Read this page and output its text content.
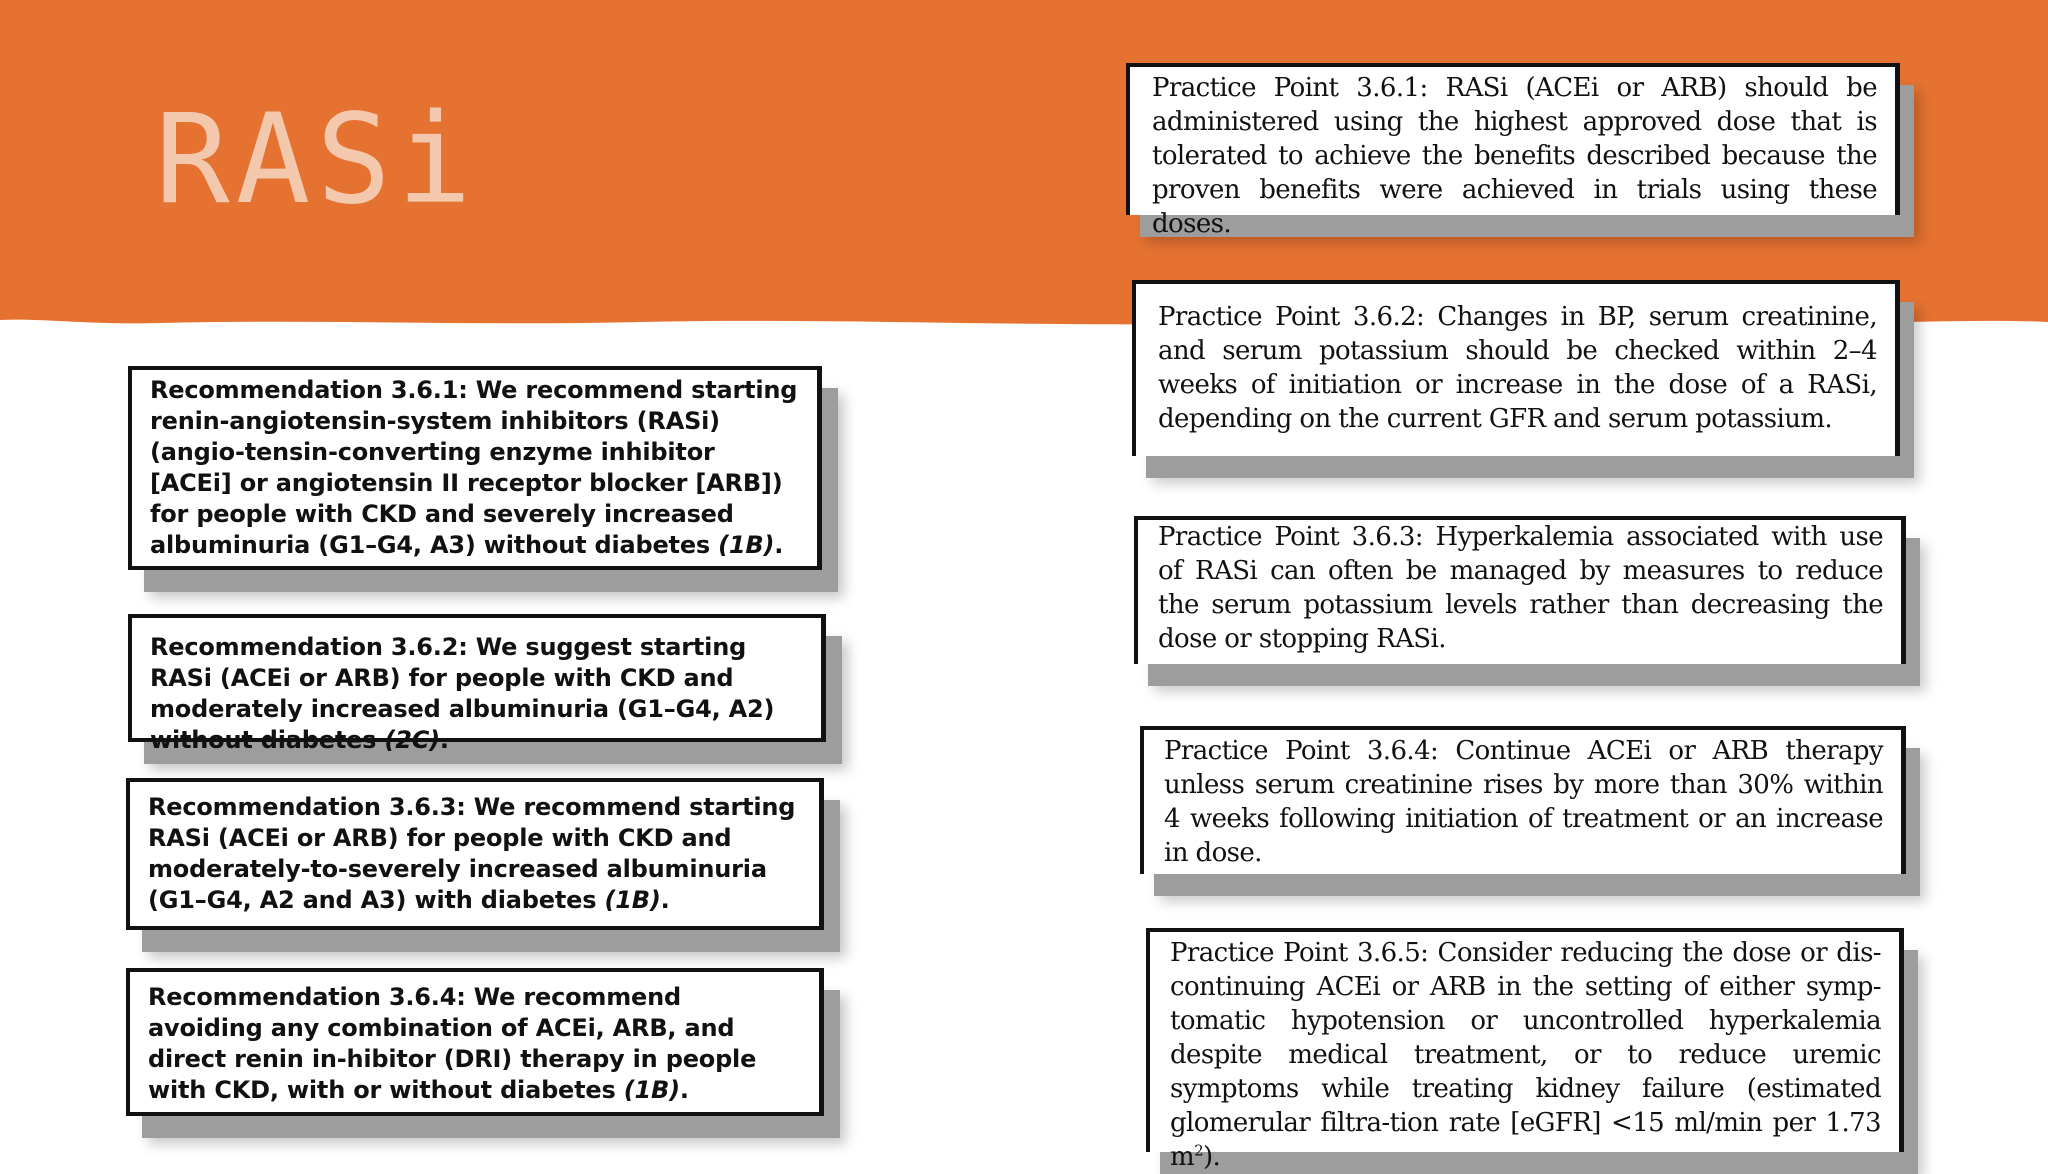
RASi

Recommendation 3.6.1: We recommend starting renin-angiotensin-system inhibitors (RASi) (angio-tensin-converting enzyme inhibitor [ACEi] or angiotensin II receptor blocker [ARB]) for people with CKD and severely increased albuminuria (G1–G4, A3) without diabetes (1B).

Recommendation 3.6.2: We suggest starting RASi (ACEi or ARB) for people with CKD and moderately increased albuminuria (G1–G4, A2) without diabetes (2C).

Recommendation 3.6.3: We recommend starting RASi (ACEi or ARB) for people with CKD and moderately-to-severely increased albuminuria (G1–G4, A2 and A3) with diabetes (1B).

Recommendation 3.6.4: We recommend avoiding any combination of ACEi, ARB, and direct renin in-hibitor (DRI) therapy in people with CKD, with or without diabetes (1B).

Practice Point 3.6.1: RASi (ACEi or ARB) should be administered using the highest approved dose that is tolerated to achieve the benefits described because the proven benefits were achieved in trials using these doses.

Practice Point 3.6.2: Changes in BP, serum creatinine, and serum potassium should be checked within 2–4 weeks of initiation or increase in the dose of a RASi, depending on the current GFR and serum potassium.

Practice Point 3.6.3: Hyperkalemia associated with use of RASi can often be managed by measures to reduce the serum potassium levels rather than decreasing the dose or stopping RASi.

Practice Point 3.6.4: Continue ACEi or ARB therapy unless serum creatinine rises by more than 30% within 4 weeks following initiation of treatment or an increase in dose.

Practice Point 3.6.5: Consider reducing the dose or dis-continuing ACEi or ARB in the setting of either symp-tomatic hypotension or uncontrolled hyperkalemia despite medical treatment, or to reduce uremic symptoms while treating kidney failure (estimated glomerular filtra-tion rate [eGFR] <15 ml/min per 1.73 $m^2$).
